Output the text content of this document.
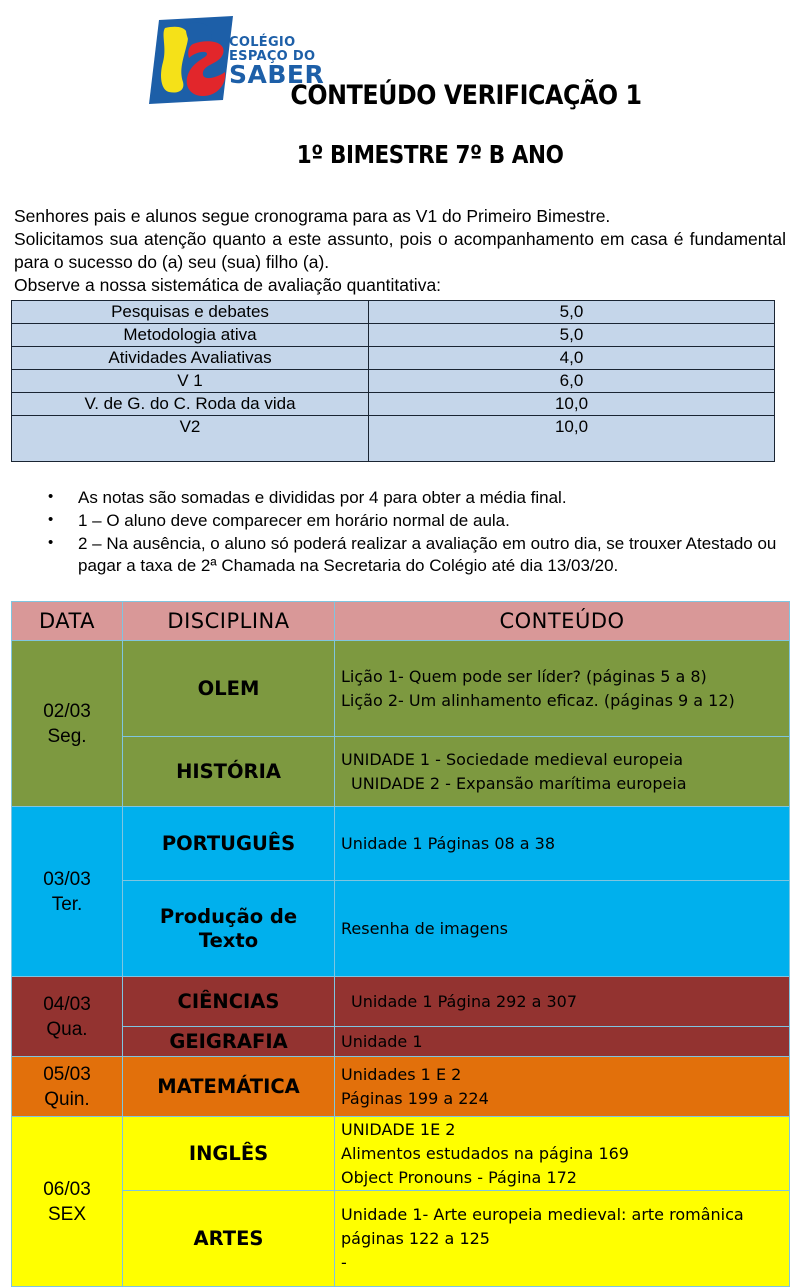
COLÉGIO
ESPAÇO DO
SABER
CONTEÚDO VERIFICAÇÃO 1
1º BIMESTRE 7º B ANO

Senhores pais e alunos segue cronograma para as V1 do Primeiro Bimestre.

Solicitamos sua atenção quanto a este assunto, pois o acompanhamento em casa é fundamental para o sucesso do (a) seu (sua) filho (a).

Observe a nossa sistemática de avaliação quantitativa:

Pesquisas e debates	5,0
Metodologia ativa	5,0
Atividades Avaliativas	4,0
V 1	6,0
V. de G. do C. Roda da vida	10,0
V2	10,0
• As notas são somadas e divididas por 4 para obter a média final.
• 1 – O aluno deve comparecer em horário normal de aula.
• 2 – Na ausência, o aluno só poderá realizar a avaliação em outro dia, se trouxer Atestado ou pagar a taxa de 2ª Chamada na Secretaria do Colégio até dia 13/03/20.
DATA	DISCIPLINA	CONTEÚDO
02/03
Seg.	OLEM	Lição 1- Quem pode ser líder? (páginas 5 a 8)
Lição 2- Um alinhamento eficaz. (páginas 9 a 12)

	HISTÓRIA	UNIDADE 1 - Sociedade medieval europeia
UNIDADE 2 - Expansão marítima europeia

03/03
Ter.	PORTUGUÊS	Unidade 1 Páginas 08 a 38

	Produção de Texto	Resenha de imagens

04/03
Qua.	CIÊNCIAS	Unidade 1 Página 292 a 307

	GEIGRAFIA	Unidade 1

05/03
Quin.	MATEMÁTICA	Unidades 1 E 2
Páginas 199 a 224

06/03
SEX	INGLÊS	UNIDADE 1E 2
Alimentos estudados na página 169
Object Pronouns - Página 172

	ARTES	Unidade 1- Arte europeia medieval: arte românica
páginas 122 a 125
-
